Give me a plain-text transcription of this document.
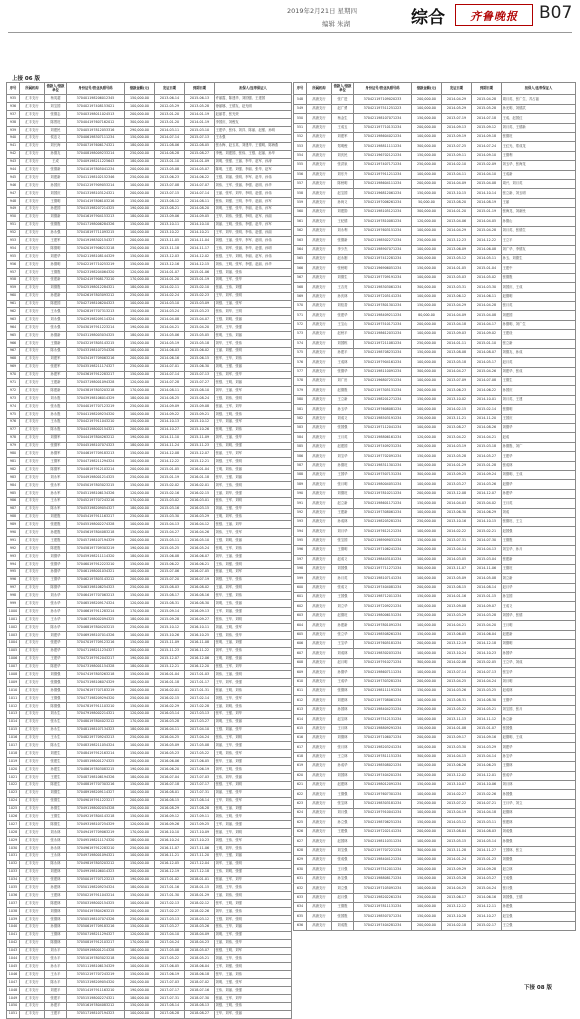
2019年2月21日 星期四
编辑 朱湖	综合	齐鲁晚报	B07
上接 06 版
序号	所属机构	借款人/借款单位	身份证号/营业执照号码	借款金额(元)	发证日期	到期日期	担保人/连带保证人
935	汇丰支行	杨英超	370401198206012345	150,000.00	2013-06-14	2015-06-13	许丽霞、陈建华、刘国强、王建国
936	汇丰支行	刘宝国	370402197408153021	100,000.00	2012-05-29	2013-05-28	徐丽娜、王德友、赵光明
937	汇丰支行	张德志	370403198011024513	200,000.00	2013-01-20	2014-01-19	赵丽君、张光荣
938	汇丰支行	陈景旺	370404197607162012	300,000.00	2013-01-20	2014-01-19	李国庆、刘俊友
939	汇丰支行	刘建民	370405197812053316	290,000.00	2014-03-11	2015-03-10	王建华、张伟、刘洋、陈丽、赵强、孙明
940	汇丰支行	侯忠义	370406198307111234	150,000.00	2014-07-14	2015-07-13	王永强
941	汇丰支行	刘长海	370407197606174321	180,000.00	2011-08-06	2012-08-05	张永梅、赵玉英、刘建华、王德明、陈海燕
942	汇丰支行	孙德友	370408198009233214	250,000.00	2014-08-28	2015-08-27	李俊、刘建国、张伟、王强、赵丽、孙华
943	汇丰支行	王成	370409198211225643	180,000.00	2013-01-10	2014-01-09	刘明、张强、王丽、李华、赵军、孙涛
944	汇丰支行	张德新	370410197805041234	200,000.00	2013-05-08	2014-05-07	陈明、王建、刘强、李丽、张华、赵军
945	汇丰支行	刘建新	370411198102152346	250,000.00	2013-06-23	2014-06-22	王强、刘丽、张明、李军、赵华、孙伟
946	汇丰支行	孙国庆	370412197909053214	100,000.00	2013-07-08	2014-07-07	刘伟、王军、张丽、李强、赵明、孙华
947	汇丰支行	刘国庆	370413198103124321	200,000.00	2013-07-15	2014-07-14	王丽、张军、刘华、李明、赵强、孙伟
948	汇丰支行	王德明	370414197806103216	150,000.00	2013-08-12	2014-08-11	张伟、刘强、王明、李华、赵丽、孙军
949	汇丰支行	孙建国	370415198207214325	190,000.00	2013-08-21	2014-08-20	刘明、王强、张华、李丽、赵伟、孙军
950	汇丰支行	刘德新	370416197904153213	180,000.00	2013-09-06	2014-09-05	王华、刘伟、张强、李明、赵军、孙丽
951	汇丰支行	张德胜	370417198006284326	150,000.00	2013-10-11	2014-10-10	刘丽、王明、张伟、李强、赵华、孙军
952	汇丰支行	孙永强	370418197711093215	100,000.00	2013-10-22	2014-10-21	王军、刘华、张明、李伟、赵强、孙丽
953	汇丰支行	王建军	370419198302154327	200,000.00	2013-11-05	2014-11-04	刘强、王丽、张华、李军、赵明、孙伟
954	汇丰支行	陈德明	370420197906213218	250,000.00	2013-11-18	2014-11-17	王伟、刘军、张丽、李华、赵强、孙明
955	汇丰支行	刘建华	370421198108144329	150,000.00	2013-12-03	2014-12-02	张强、王华、刘明、李丽、赵军、孙伟
956	汇丰支行	孙德明	370422197710253219	150,000.00	2013-12-16	2014-12-15	刘伟、王明、张军、李强、赵丽、孙华
957	汇丰支行	王德胜	370423198204064320	120,000.00	2014-01-07	2015-01-06	王强、刘丽、张伟
958	汇丰支行	张建新	370424197908173210	170,000.00	2014-01-20	2015-01-19	刘明、王军、张华
959	汇丰支行	刘德胜	370425198012284321	180,000.00	2014-02-11	2015-02-10	张丽、王伟、刘强
960	汇丰支行	孙建新	370426197803093212	250,000.00	2014-02-24	2015-02-23	王华、刘军、张明
961	汇丰支行	陈建国	370427198106204323	100,000.00	2014-03-10	2015-03-09	刘强、王丽、张军
962	汇丰支行	王永强	370428197707313213	150,000.00	2014-03-24	2015-03-23	张伟、刘华、王明
963	汇丰支行	刘永强	370429198209114324	200,000.00	2014-04-08	2015-04-07	王强、刘明、张丽
964	汇丰支行	张永强	370430197911223214	190,000.00	2014-04-21	2015-04-20	刘军、王华、张强
965	汇丰支行	孙德新	370431198003034325	180,000.00	2014-05-06	2015-05-05	张明、王伟、刘丽
966	汇丰支行	王德新	370432197805143215	150,000.00	2014-05-19	2015-05-18	刘华、王军、张伟
967	汇丰支行	陈永强	370433198107254326	100,000.00	2014-06-03	2015-06-02	王丽、刘强、张明
968	汇丰支行	刘建军	370434197709063216	200,000.00	2014-06-16	2015-06-15	张军、王华、刘伟
969	汇丰支行	张建军	370435198211174327	250,000.00	2014-07-01	2015-06-30	刘明、王强、张丽
970	汇丰支行	孙建军	370436197912283217	150,000.00	2014-07-14	2015-07-13	王伟、刘军、张华
971	汇丰支行	王建新	370437198001094328	120,000.00	2014-07-28	2015-07-27	张强、王明、刘丽
972	汇丰支行	陈建新	370438197803203218	170,000.00	2014-08-11	2015-08-10	刘华、王丽、张军
973	汇丰支行	刘永胜	370439198106014329	180,000.00	2014-08-25	2015-08-24	王强、刘伟、张明
974	汇丰支行	张永胜	370440197707123219	250,000.00	2014-09-09	2015-09-08	张丽、王军、刘华
975	汇丰支行	孙永胜	370441198209234320	100,000.00	2014-09-22	2015-09-21	刘强、王明、张伟
976	汇丰支行	王永胜	370442197911043210	150,000.00	2014-10-13	2015-10-12	王华、刘丽、张军
977	汇丰支行	陈永胜	370443198002154321	200,000.00	2014-10-27	2015-10-26	张明、王强、刘伟
978	汇丰支行	刘德军	370444197804263212	190,000.00	2014-11-10	2015-11-09	刘军、王丽、张华
979	汇丰支行	张德军	370445198107074323	180,000.00	2014-11-24	2015-11-23	王伟、刘明、张强
980	汇丰支行	孙德军	370446197709183213	150,000.00	2014-12-08	2015-12-07	张丽、王华、刘军
981	汇丰支行	王德军	370447198211294324	100,000.00	2014-12-22	2015-12-21	刘强、王军、张明
982	汇丰支行	陈德军	370448197912103214	200,000.00	2015-01-05	2016-01-04	王明、刘伟、张丽
983	汇丰支行	刘永军	370449198001214325	250,000.00	2015-01-19	2016-01-18	张华、王强、刘丽
984	汇丰支行	张永军	370450197803023215	150,000.00	2015-02-02	2016-02-01	刘军、王伟、张明
985	汇丰支行	孙永军	370451198106134326	120,000.00	2015-02-16	2016-02-15	王丽、刘华、张强
986	汇丰支行	王永军	370452197707243216	170,000.00	2015-03-02	2016-03-01	张伟、王军、刘明
987	汇丰支行	陈永军	370453198209054327	180,000.00	2015-03-16	2016-03-15	刘丽、王强、张华
988	汇丰支行	刘建胜	370454197911163217	250,000.00	2015-03-30	2016-03-29	王明、刘军、张伟
989	汇丰支行	张建胜	370455198002274328	100,000.00	2015-04-13	2016-04-12	张强、王丽、刘华
990	汇丰支行	孙建胜	370456197804083218	150,000.00	2015-04-27	2016-04-26	刘伟、王华、张军
991	汇丰支行	王建胜	370457198107194329	200,000.00	2015-05-11	2016-05-10	王强、刘明、张丽
992	汇丰支行	陈建胜	370458197709303219	190,000.00	2015-05-25	2016-05-24	张明、王军、刘伟
993	汇丰支行	刘德华	370459198211114320	180,000.00	2015-06-08	2016-06-07	刘华、王丽、张强
994	汇丰支行	张德华	370460197912223210	150,000.00	2015-06-22	2016-06-21	王伟、刘强、张明
995	汇丰支行	孙德华	370461198001034321	100,000.00	2015-07-06	2016-07-05	张丽、王明、刘军
996	汇丰支行	王德华	370462197803143212	200,000.00	2015-07-20	2016-07-19	刘强、王华、张伟
997	汇丰支行	陈德华	370463198106254323	250,000.00	2015-08-03	2016-08-02	王丽、刘军、张明
998	汇丰支行	刘永华	370464197707063213	150,000.00	2015-08-17	2016-08-16	张华、王强、刘伟
999	汇丰支行	张永华	370465198209174324	120,000.00	2015-08-31	2016-08-30	刘明、王伟、张丽
1000	汇丰支行	孙永华	370466197911283214	170,000.00	2015-09-14	2016-09-13	王军、刘丽、张强
1001	汇丰支行	王永华	370467198002094325	180,000.00	2015-09-28	2016-09-27	张伟、王华、刘明
1002	汇丰支行	陈永华	370468197804203215	250,000.00	2015-10-12	2016-10-11	刘丽、王明、张军
1003	汇丰支行	刘建华	370469198107014326	100,000.00	2015-10-26	2016-10-25	王强、刘伟、张华
1004	汇丰支行	张建华	370470197709123216	150,000.00	2015-11-09	2016-11-08	张明、王丽、刘强
1005	汇丰支行	孙建华	370471198211234327	200,000.00	2015-11-23	2016-11-22	刘军、王华、张伟
1006	汇丰支行	王建华	370472197912043217	190,000.00	2015-12-07	2016-12-06	王明、刘强、张丽
1007	汇丰支行	陈建华	370473198001154328	180,000.00	2015-12-21	2016-12-20	张强、王军、刘华
1008	汇丰支行	刘德强	370474197803263218	150,000.00	2016-01-04	2017-01-03	刘伟、王丽、张明
1009	汇丰支行	张德强	370475198106074329	100,000.00	2016-01-18	2017-01-17	王华、刘军、张强
1010	汇丰支行	孙德强	370476197707183219	200,000.00	2016-02-01	2017-01-31	张丽、王明、刘伟
1011	汇丰支行	王德强	370477198209294320	250,000.00	2016-02-15	2017-02-14	刘强、王华、张军
1012	汇丰支行	陈德强	370478197911103210	150,000.00	2016-02-29	2017-02-28	王丽、刘明、张伟
1013	汇丰支行	刘永生	370479198002214321	120,000.00	2016-03-14	2017-03-13	张军、王强、刘华
1014	汇丰支行	张永生	370480197804023212	170,000.00	2016-03-28	2017-03-27	刘明、王伟、张丽
1015	汇丰支行	孙永生	370481198107134323	180,000.00	2016-04-11	2017-04-10	王强、刘丽、张华
1016	汇丰支行	王永生	370482197709243213	250,000.00	2016-04-25	2017-04-24	张伟、王军、刘明
1017	汇丰支行	陈永生	370483198211054324	100,000.00	2016-05-09	2017-05-08	刘丽、王华、张强
1018	汇丰支行	刘建生	370484197912163214	150,000.00	2016-05-23	2017-05-22	王明、刘伟、张军
1019	汇丰支行	张建生	370485198001274325	200,000.00	2016-06-06	2017-06-05	张华、王丽、刘强
1020	汇丰支行	孙建生	370486197803083215	190,000.00	2016-06-20	2017-06-19	刘军、王明、张伟
1021	汇丰支行	王建生	370487198106194326	180,000.00	2016-07-04	2017-07-03	王伟、刘华、张丽
1022	汇丰支行	陈建生	370488197707303216	150,000.00	2016-07-18	2017-07-17	张强、王军、刘明
1023	汇丰支行	刘德生	370489198209114327	100,000.00	2016-08-01	2017-07-31	刘丽、王强、张华
1024	汇丰支行	张德生	370490197911223217	200,000.00	2016-08-15	2017-08-14	王华、刘伟、张军
1025	汇丰支行	孙德生	370491198002034328	250,000.00	2016-08-29	2017-08-28	张明、王丽、刘强
1026	汇丰支行	王德生	370492197804143218	150,000.00	2016-09-12	2017-09-11	刘伟、王明、张华
1027	汇丰支行	陈德生	370493198107254329	120,000.00	2016-09-26	2017-09-25	王军、刘丽、张强
1028	汇丰支行	刘永林	370494197709063219	170,000.00	2016-10-10	2017-10-09	张丽、王华、刘明
1029	汇丰支行	张永林	370495198211174320	180,000.00	2016-10-24	2017-10-23	刘强、王伟、张军
1030	汇丰支行	孙永林	370496197912283210	250,000.00	2016-11-07	2017-11-06	王明、刘华、张伟
1031	汇丰支行	王永林	370497198001094321	100,000.00	2016-11-21	2017-11-20	张华、王强、刘丽
1032	汇丰支行	陈永林	370498197803203212	150,000.00	2016-12-05	2017-12-04	刘军、王丽、张明
1033	汇丰支行	刘建林	370499198106014323	200,000.00	2016-12-19	2017-12-18	王伟、刘明、张强
1034	汇丰支行	张建林	370500197707123213	190,000.00	2017-01-02	2018-01-01	张丽、王军、刘华
1035	汇丰支行	孙建林	370501198209234324	180,000.00	2017-01-16	2018-01-15	刘强、王华、张伟
1036	汇丰支行	王建林	370502197911043214	150,000.00	2017-01-30	2018-01-29	王丽、刘伟、张明
1037	汇丰支行	陈建林	370503198002154325	100,000.00	2017-02-13	2018-02-12	张军、王明、刘强
1038	汇丰支行	刘德林	370504197804263215	200,000.00	2017-02-27	2018-02-26	刘华、王丽、张伟
1039	汇丰支行	张德林	370505198107074326	250,000.00	2017-03-13	2018-03-12	王强、刘军、张明
1040	汇丰支行	孙德林	370506197709183216	150,000.00	2017-03-27	2018-03-26	张伟、王华、刘丽
1041	汇丰支行	王德林	370507198211294327	120,000.00	2017-04-10	2018-04-09	刘明、王军、张强
1042	汇丰支行	陈德林	370508197912103217	170,000.00	2017-04-24	2018-04-23	王丽、刘伟、张华
1043	汇丰支行	刘永平	370509198001214328	180,000.00	2017-05-08	2018-05-07	张强、王明、刘军
1044	汇丰支行	张永平	370510197803023218	250,000.00	2017-05-22	2018-05-21	刘丽、王华、张伟
1045	汇丰支行	孙永平	370511198106134329	100,000.00	2017-06-05	2018-06-04	王军、刘强、张明
1046	汇丰支行	王永平	370512197707243219	150,000.00	2017-06-19	2018-06-18	张华、王丽、刘伟
1047	汇丰支行	陈永平	370513198209054320	200,000.00	2017-07-03	2018-07-02	刘明、王强、张军
1048	汇丰支行	刘建平	370514197911163210	190,000.00	2017-07-17	2018-07-16	王伟、刘丽、张强
1049	汇丰支行	张建平	370515198002274321	180,000.00	2017-07-31	2018-07-30	张丽、王军、刘华
1050	汇丰支行	孙建平	370516197804083212	150,000.00	2017-08-14	2018-08-13	刘强、王明、张伟
1051	汇丰支行	王建平	370517198107194323	100,000.00	2017-08-28	2018-08-27	王华、刘军、张丽
序号	所属机构	借款人/借款单位	身份证号/营业执照号码	借款金额(元)	发证日期	到期日期	担保人/连带保证人
548	高唐支行	张广进	370421197109020233	200,000.00	2014-04-29	2015-04-28	周月英、张广生、苏占福
549	高唐支行	赵广勇	370421197511251223	100,000.00	2014-05-29	2015-05-28	孙光明、刘德武
550	高唐支行	杨金生	370421198107071234	150,000.00	2013-07-19	2014-07-18	王成、赵国红
551	高唐支行	王成五	370421197710131234	200,000.00	2014-09-13	2015-09-12	刘月英、王德新
552	高唐支行	刘建军	370421198604021234	100,000.00	2013-09-19	2014-09-18	张德旺
553	高唐支行	郑明俊	370421198811111234	300,000.00	2013-07-25	2014-07-24	王红光、郑成龙
554	高唐支行	刘庆民	370421196702121234	150,000.00	2013-09-11	2014-09-10	王德利
555	高唐支行	张洪泉	370421197407171234	250,000.00	2014-02-10	2015-02-09	刘玉华、张海龙
556	高唐支行	刘东升	370421197911211234	100,000.00	2013-04-11	2014-04-10	王成新
557	高唐支行	陈秋明	370421198604111234	200,000.00	2014-04-09	2015-04-08	周兴、刘月英
558	高唐支行	赵宝国	370421196812061234	150,000.00	2013-10-15	2014-10-14	张立新、刘玉明
559	高唐支行	孙尚义	370421197006261234	50,000.00	2013-08-20	2014-08-19	王丽
560	高唐支行	刘建勋	370421198105121234	300,000.00	2014-01-20	2015-01-19	张海龙、刘新民
561	高唐支行	王纪德	370421197810081234	120,000.00	2013-04-06	2014-04-05	孙德山
562	高唐支行	刘永利	370421197603151234	100,000.00	2014-04-29	2015-04-28	刘月英、张德生
563	高唐支行	张德新	370421198502271234	250,000.00	2013-12-23	2014-12-22	王立平
564	高唐支行	李少杰	370421198907071234	100,000.00	2013-06-09	2014-06-08	刘广华、李德友
565	高唐支行	赵永刚	370421197412281234	200,000.00	2013-05-12	2014-05-11	孙玉、刘德生
566	高唐支行	张秋明	370421196906051234	150,000.00	2014-01-05	2015-01-04	王建中
567	高唐支行	刘德生	370421197709191234	100,000.00	2013-05-03	2014-05-02	张德胜
568	高唐支行	王吉亮	370421198303061234	300,000.00	2013-03-31	2014-03-30	刘国庆、王成
569	高唐支行	孙庆林	370421197205141234	100,000.00	2013-06-12	2014-06-11	赵德明
570	高唐支行	刘桂香	370421197801301234	150,000.00	2013-04-29	2014-04-28	张月英
571	高唐支行	张建华	370421198409211234	80,000.00	2014-04-09	2015-04-08	刘建国
572	高唐支行	王宝山	370421197510171234	200,000.00	2013-04-18	2014-04-17	孙德明、刘广生
573	高唐支行	赵秋平	370421198612031234	100,000.00	2013-09-03	2014-09-02	王建设
574	高唐支行	刘国栋	370421197211081234	250,000.00	2014-01-11	2015-01-10	张立新
575	高唐支行	孙建平	370421198708231234	150,000.00	2013-08-08	2014-08-07	刘德友、孙成
576	高唐支行	王成林	370421197904161234	100,000.00	2013-05-18	2014-05-17	赵月英
577	高唐支行	张德华	370421198110091234	300,000.00	2014-04-27	2015-04-26	刘建华、张成
578	高唐支行	刘广田	370421196807251234	100,000.00	2013-07-09	2014-07-08	王德生
579	高唐支行	赵德胜	370421197305131234	200,000.00	2013-06-23	2014-06-22	孙国庆
580	高唐支行	王立新	370421198201271234	150,000.00	2013-10-02	2014-10-01	刘月英、王建
581	高唐支行	孙玉华	370421197608081234	100,000.00	2014-02-15	2015-02-14	张德明
582	高唐支行	刘成义	370421198503191234	250,000.00	2013-11-21	2014-11-20	王国庆
583	高唐支行	张国强	370421197112041234	100,000.00	2013-08-27	2014-08-26	刘德华
584	高唐支行	王月英	370421198806161234	120,000.00	2013-04-22	2014-04-21	赵成
585	高唐支行	赵建国	370421197409231234	200,000.00	2014-03-19	2015-03-18	孙德胜、刘广
586	高唐支行	刘宝华	370421197702091234	150,000.00	2013-05-28	2014-05-27	王建华
587	高唐支行	孙德旺	370421198311301234	100,000.00	2014-01-29	2015-01-28	张成林
588	高唐支行	王国华	370421197507131234	300,000.00	2013-09-25	2014-09-24	刘德明、王成
589	高唐支行	张月明	370421198004051234	100,000.00	2013-03-27	2014-03-26	赵德华
590	高唐支行	刘德旺	370421197810211234	200,000.00	2013-12-08	2014-12-07	孙建华
591	高唐支行	赵立新	370421198601171234	150,000.00	2014-04-03	2015-04-02	王月英
592	高唐支行	王建新	370421197308061234	100,000.00	2013-06-30	2014-06-29	刘成
593	高唐支行	孙成林	370421198205281234	250,000.00	2013-10-16	2014-10-15	张德旺、王立
594	高唐支行	刘月华	370421197612121234	100,000.00	2014-02-22	2015-02-21	赵国强
595	高唐支行	张宝国	370421198909031234	150,000.00	2013-07-31	2014-07-30	王德胜
596	高唐支行	王德明	370421197106241234	200,000.00	2013-04-14	2014-04-13	刘宝华、孙月
597	高唐支行	赵成义	370421198403101234	100,000.00	2014-03-05	2015-03-04	张建新
598	高唐支行	刘国强	370421197711271234	300,000.00	2013-11-07	2014-11-06	王德旺
599	高唐支行	孙月英	370421198107141234	100,000.00	2013-05-09	2014-05-08	刘立新
600	高唐支行	张成义	370421197404081234	200,000.00	2013-08-15	2014-08-14	赵月华
601	高唐支行	王国强	370421198712011234	150,000.00	2014-01-16	2015-01-15	孙宝国
602	高唐支行	刘立华	370421197209221234	100,000.00	2013-09-08	2014-09-07	王成义
603	高唐支行	赵德旺	370421198006151234	250,000.00	2013-03-29	2014-03-28	刘国华、张德
604	高唐支行	孙建新	370421197801091234	100,000.00	2014-04-21	2015-04-20	王月明
605	高唐支行	张立华	370421198508261234	150,000.00	2013-06-05	2014-06-04	赵建新
606	高唐支行	王宝华	370421197605181234	200,000.00	2013-12-19	2014-12-18	刘德明
607	高唐支行	刘成林	370421198302031234	100,000.00	2013-10-24	2014-10-23	孙国华
608	高唐支行	赵月明	370421197910271234	300,000.00	2014-02-06	2015-02-05	王立华、刘成
609	高唐支行	孙德华	370421198607111234	100,000.00	2013-07-14	2014-07-13	张宝华
610	高唐支行	王成华	370421197303281234	200,000.00	2013-04-25	2014-04-24	刘月明
611	高唐支行	张德林	370421198111191234	150,000.00	2014-03-26	2015-03-25	赵成林
612	高唐支行	刘建林	370421197708061234	100,000.00	2013-08-31	2014-08-30	王德华
613	高唐支行	孙国林	370421198404231234	250,000.00	2013-05-22	2014-05-21	刘宝国、张月
614	高唐支行	赵宝林	370421197512131234	100,000.00	2013-11-13	2014-11-12	孙立新
615	高唐支行	王月林	370421198809291234	150,000.00	2014-01-08	2015-01-07	张国强
616	高唐支行	刘德林	370421197106071234	200,000.00	2013-09-17	2014-09-16	赵德明、王成
617	高唐支行	张月林	370421198203241234	100,000.00	2013-03-30	2014-03-29	刘建华
618	高唐支行	王立林	370421197811151234	300,000.00	2014-04-15	2015-04-14	孙宝华
619	高唐支行	孙成华	370421198508021234	100,000.00	2013-06-26	2014-06-25	王德林
620	高唐支行	刘国林	370421197404201234	200,000.00	2013-12-02	2014-12-01	张成华
621	高唐支行	赵建林	370421198012091234	150,000.00	2013-10-07	2014-10-06	刘月林
622	高唐支行	王德强	370421197607301234	100,000.00	2014-02-27	2015-02-26	孙国强
623	高唐支行	张宝林	370421198303181234	250,000.00	2013-07-22	2014-07-21	王月华、刘立
624	高唐支行	刘月强	370421197910041234	100,000.00	2013-04-19	2014-04-18	赵德林
625	高唐支行	孙立强	370421198706251234	150,000.00	2014-03-12	2015-03-11	张建林
626	高唐支行	王建强	370421197202141234	200,000.00	2013-08-04	2014-08-03	刘成强
627	高唐支行	赵国林	370421198110311234	100,000.00	2013-05-15	2014-05-14	孙德强
628	高唐支行	刘宝强	370421197707221234	300,000.00	2013-11-28	2014-11-27	王国林、张立
629	高唐支行	张成强	370421198404121234	100,000.00	2014-01-24	2015-01-23	刘德强
630	高唐支行	王月强	370421197512011234	200,000.00	2013-09-29	2014-09-28	赵立林
631	高唐支行	孙宝强	370421198808171234	150,000.00	2013-03-28	2014-03-27	王成强
632	高唐支行	刘立强	370421197105091234	100,000.00	2014-04-25	2015-04-24	张月强
633	高唐支行	赵月强	370421198202261234	250,000.00	2013-06-17	2014-06-16	刘国强、王德
634	高唐支行	王德胜	370421197811131234	100,000.00	2013-12-12	2014-12-11	孙建强
635	高唐支行	张国胜	370421198507071234	150,000.00	2013-10-28	2014-10-27	赵宝强
636	高唐支行	刘成胜	370421197404281234	200,000.00	2014-02-18	2015-02-17	王立强
下接 08 版
